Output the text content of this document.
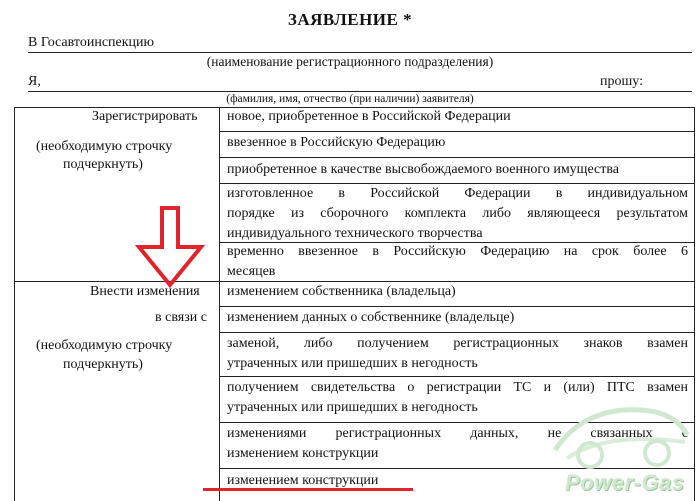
ЗАЯВЛЕНИЕ *
В Госавтоинспекцию
(наименование регистрационного подразделения)
Я,	прошу:
(фамилия, имя, отчество (при наличии) заявителя)
Зарегистрировать
(необходимую строчку
подчеркнуть)
новое, приобретенное в Российской Федерации
ввезенное в Российскую Федерацию
приобретенное в качестве высвобождаемого военного имущества
изготовленное в Российской Федерации в индивидуальном
порядке из сборочного комплекта либо являющееся результатом
индивидуального технического творчества
временно ввезенное в Российскую Федерацию на срок более 6
месяцев
Внести изменения
в связи с
(необходимую строчку
подчеркнуть)
изменением собственника (владельца)
изменением данных о собственнике (владельце)
заменой, либо получением регистрационных знаков взамен
утраченных или пришедших в негодность
получением свидетельства о регистрации ТС и (или) ПТС взамен
утраченных или пришедших в негодность
изменениями регистрационных данных, не связанных с
изменением конструкции
изменением конструкции	Power-Gas
